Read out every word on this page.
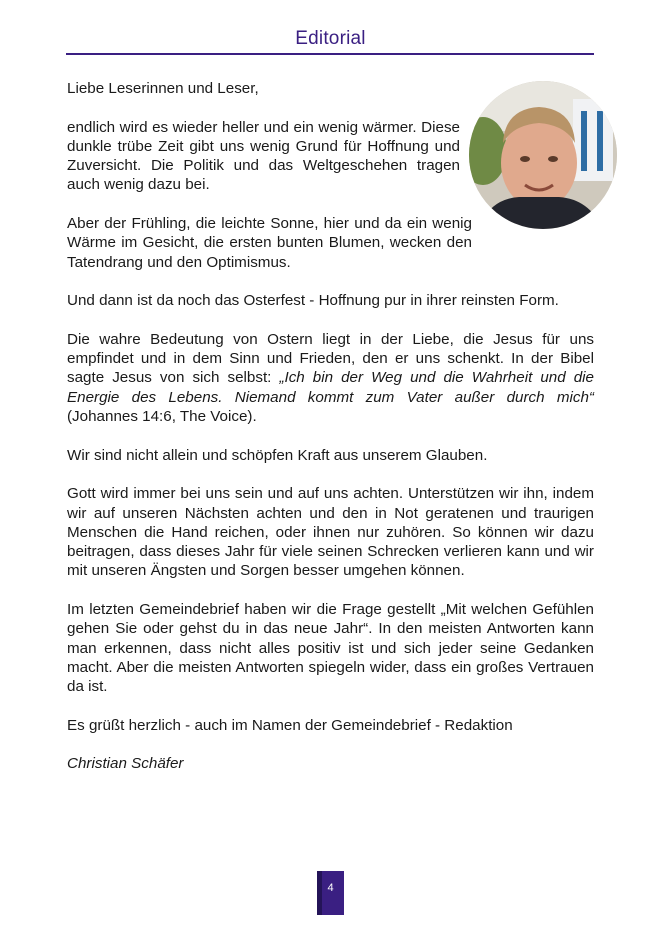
Editorial

Liebe Leserinnen und Leser,

endlich wird es wieder heller und ein wenig wärmer. Diese dunkle trübe Zeit gibt uns wenig Grund für Hoffnung und Zuversicht. Die Politik und das Weltgeschehen tragen auch wenig dazu bei.

Aber der Frühling, die leichte Sonne, hier und da ein wenig Wärme im Gesicht, die ersten bunten Blumen, wecken den Tatendrang und den Optimismus.

Und dann ist da noch das Osterfest - Hoffnung pur in ihrer reinsten Form.

Die wahre Bedeutung von Ostern liegt in der Liebe, die Jesus für uns empfindet und in dem Sinn und Frieden, den er uns schenkt. In der Bibel sagte Jesus von sich selbst: „Ich bin der Weg und die Wahrheit und die Energie des Lebens. Niemand kommt zum Vater außer durch mich“ (Johannes 14:6, The Voice).

Wir sind nicht allein und schöpfen Kraft aus unserem Glauben.

Gott wird immer bei uns sein und auf uns achten. Unterstützen wir ihn, indem wir auf unseren Nächsten achten und den in Not geratenen und traurigen Menschen die Hand reichen, oder ihnen nur zuhören. So können wir dazu beitragen, dass dieses Jahr für viele seinen Schrecken verlieren kann und wir mit unseren Ängsten und Sorgen besser umgehen können.

Im letzten Gemeindebrief haben wir die Frage gestellt „Mit welchen Gefühlen gehen Sie oder gehst du in das neue Jahr“. In den meisten Antworten kann man erkennen, dass nicht alles positiv ist und sich jeder seine Gedanken macht. Aber die meisten Antworten spiegeln wider, dass ein großes Vertrauen da ist.

Es grüßt herzlich - auch im Namen der Gemeindebrief - Redaktion

Christian Schäfer

4
